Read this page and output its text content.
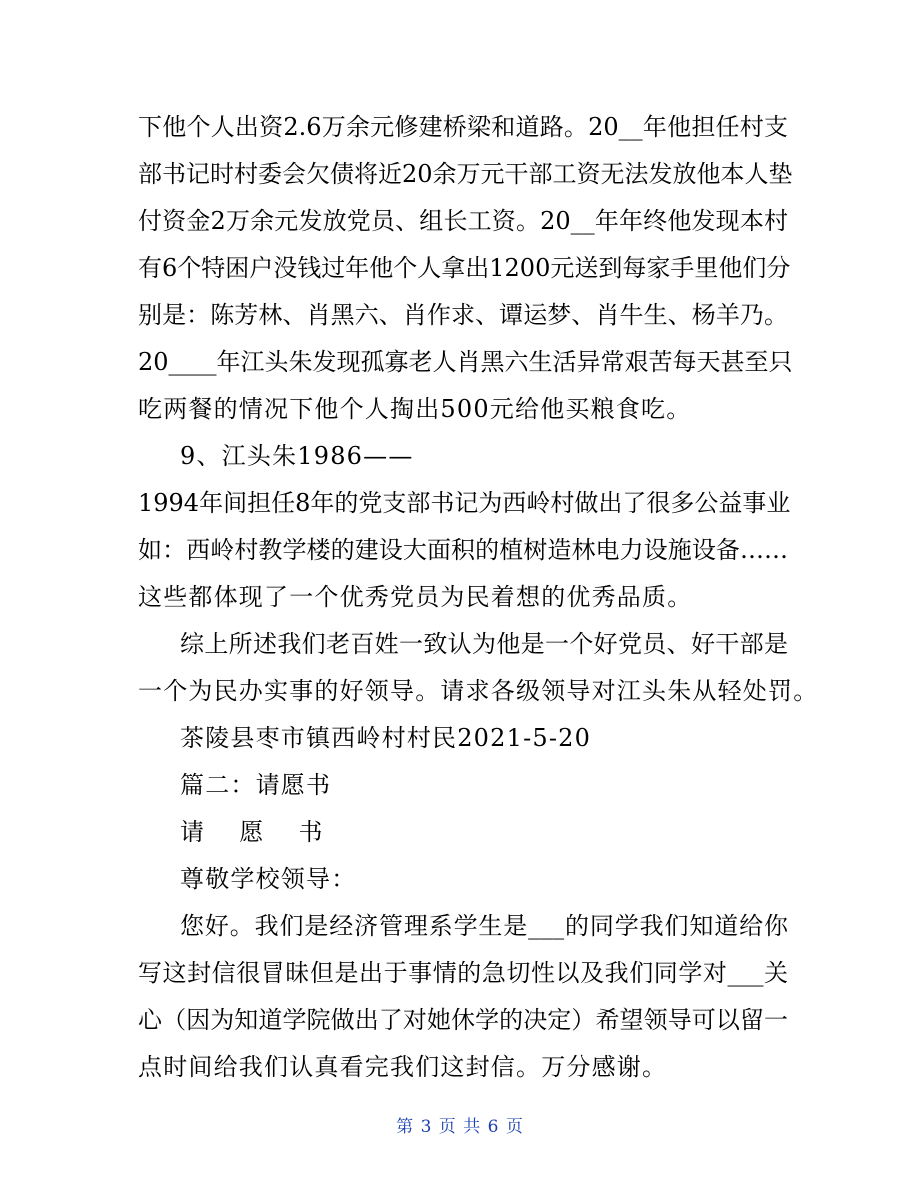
下他个人出资2.6万余元修建桥梁和道路。20__年他担任村支
部书记时村委会欠债将近20余万元干部工资无法发放他本人垫
付资金2万余元发放党员、组长工资。20__年年终他发现本村
有6个特困户没钱过年他个人拿出1200元送到每家手里他们分
别是：陈芳林、肖黑六、肖作求、谭运梦、肖牛生、杨羊乃。
20____年江头朱发现孤寡老人肖黑六生活异常艰苦每天甚至只
吃两餐的情况下他个人掏出500元给他买粮食吃。
9、江头朱1986——
1994年间担任8年的党支部书记为西岭村做出了很多公益事业
如：西岭村教学楼的建设大面积的植树造林电力设施设备……
这些都体现了一个优秀党员为民着想的优秀品质。
综上所述我们老百姓一致认为他是一个好党员、好干部是
一个为民办实事的好领导。请求各级领导对江头朱从轻处罚。
茶陵县枣市镇西岭村村民2021-5-20
篇二：请愿书
请　 愿　 书
尊敬学校领导：
您好。我们是经济管理系学生是___的同学我们知道给你
写这封信很冒昧但是出于事情的急切性以及我们同学对___关
心（因为知道学院做出了对她休学的决定）希望领导可以留一
点时间给我们认真看完我们这封信。万分感谢。
第 3 页 共 6 页
